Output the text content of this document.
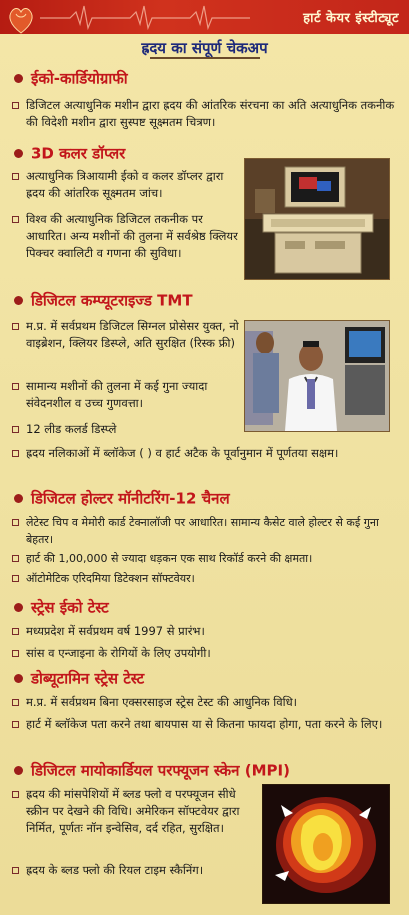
हार्ट केयर इंस्टीट्यूट
ह्रदय का संपूर्ण चेकअप
ईको-कार्डियोग्राफी
डिजिटल अत्याधुनिक मशीन द्वारा ह्रदय की आंतरिक संरचना का अति अत्याधुनिक तकनीक की विदेशी मशीन द्वारा सुस्पष्ट सूक्ष्मतम चित्रण।
3D कलर डॉप्लर
अत्याधुनिक त्रिआयामी ईको व कलर डॉप्लर द्वारा ह्रदय की आंतरिक सूक्ष्मतम जांच।
विश्व की अत्याधुनिक डिजिटल तकनीक पर आधारित। अन्य मशीनों की तुलना में सर्वश्रेष्ठ क्लियर पिक्चर क्वालिटी व गणना की सुविधा।
डिजिटल कम्प्यूटराइज्ड TMT
म.प्र. में सर्वप्रथम डिजिटल सिग्नल प्रोसेसर युक्त, नो वाइब्रेशन, क्लियर डिस्प्ले, अति सुरक्षित (रिस्क फ्री)
सामान्य मशीनों की तुलना में कई गुना ज्यादा संवेदनशील व उच्च गुणवत्ता।
12 लीड कलर्ड डिस्प्ले
ह्रदय नलिकाओं में ब्लॉकेज ( ) व हार्ट अटैक के पूर्वानुमान में पूर्णतया सक्षम।
डिजिटल होल्टर मॉनीटरिंग-12 चैनल
लेटेस्ट चिप व मेमोरी कार्ड टेक्नालॉजी पर आधारित। सामान्य कैसेट वाले होल्टर से कई गुना बेहतर।
हार्ट की 1,00,000 से ज्यादा धड़कन एक साथ रिकॉर्ड करने की क्षमता।
ऑटोमेटिक एरिदमिया डिटेक्शन सॉफ्टवेयर।
स्ट्रेस ईको टेस्ट
मध्यप्रदेश में सर्वप्रथम वर्ष 1997 से प्रारंभ।
सांस व एन्जाइना के रोगियों के लिए उपयोगी।
डोब्यूटामिन स्ट्रेस टेस्ट
म.प्र. में सर्वप्रथम बिना एक्सरसाइज स्ट्रेस टेस्ट की आधुनिक विधि।
हार्ट में ब्लॉकेज पता करने तथा बायपास या से कितना फायदा होगा, पता करने के लिए।
डिजिटल मायोकार्डियल परफ्यूजन स्केन (MPI)
ह्रदय की मांसपेशियों में ब्लड फ्लो व परफ्यूजन सीधे स्क्रीन पर देखने की विधि। अमेरिकन सॉफ्टवेयर द्वारा निर्मित, पूर्णतः नॉन इन्वेसिव, दर्द रहित, सुरक्षित।
ह्रदय के ब्लड फ्लो की रियल टाइम स्कैनिंग।
